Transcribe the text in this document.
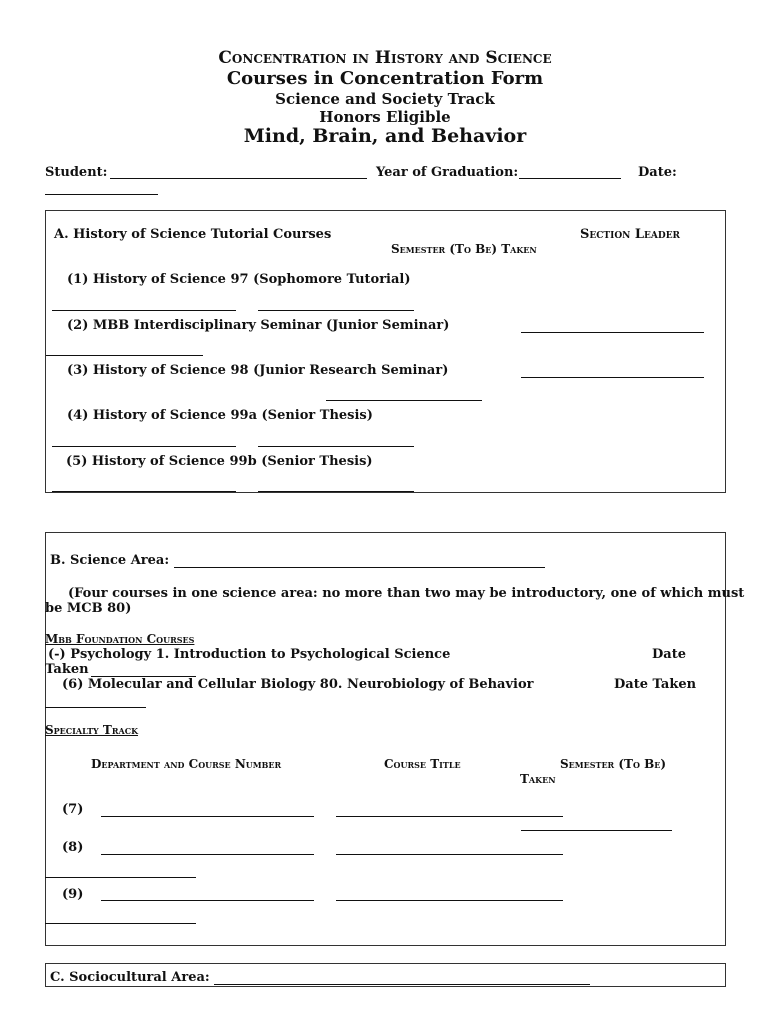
Concentration in History and Science
Courses in Concentration Form
Science and Society Track
Honors Eligible
Mind, Brain, and Behavior
Student:	Year of Graduation:	Date:
A. History of Science Tutorial Courses	Section Leader
Semester (To Be) Taken
(1) History of Science 97 (Sophomore Tutorial)
(2) MBB Interdisciplinary Seminar (Junior Seminar)
(3) History of Science 98 (Junior Research Seminar)
(4) History of Science 99a (Senior Thesis)
(5) History of Science 99b (Senior Thesis)
B. Science Area:
(Four courses in one science area: no more than two may be introductory, one of which must
be MCB 80)
Mbb Foundation Courses
(-) Psychology 1. Introduction to Psychological Science	Date
Taken
(6) Molecular and Cellular Biology 80. Neurobiology of Behavior	Date Taken
Specialty Track
Department and Course Number	Course Title	Semester (To Be)
Taken
(7)
(8)
(9)
C. Sociocultural Area:
